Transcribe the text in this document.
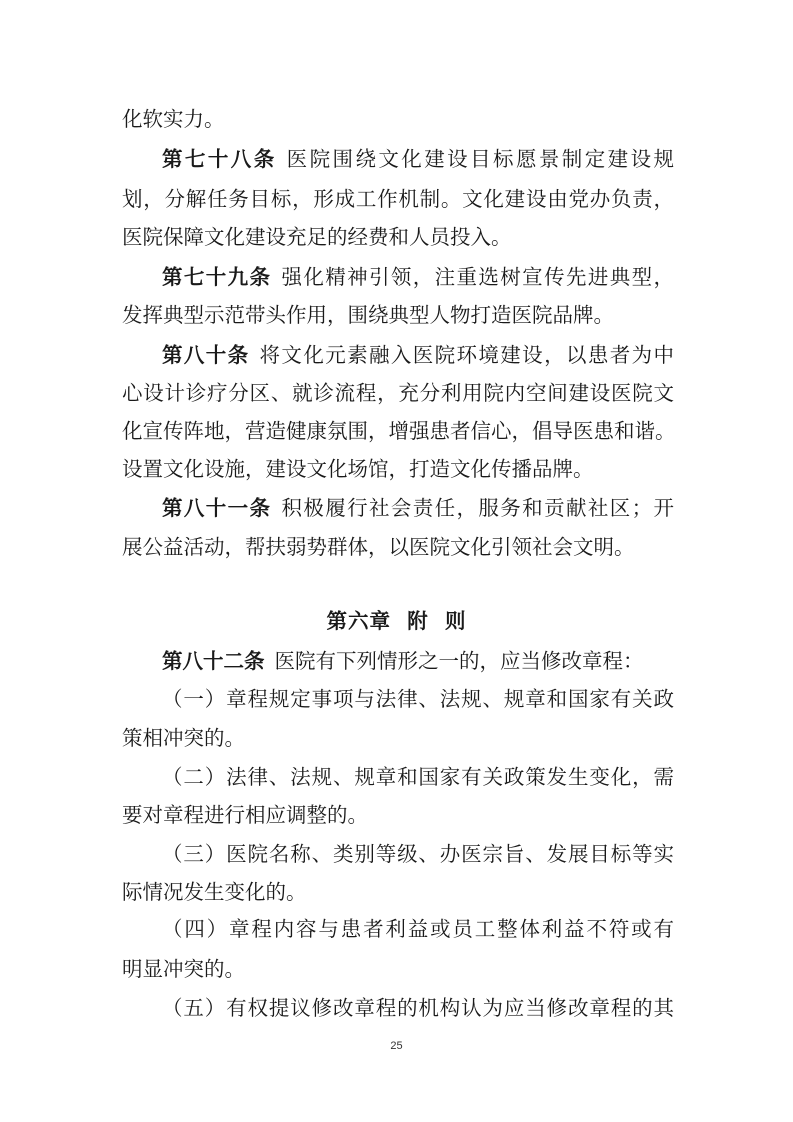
化软实力。
第七十八条 医院围绕文化建设目标愿景制定建设规
划，分解任务目标，形成工作机制。文化建设由党办负责，
医院保障文化建设充足的经费和人员投入。
第七十九条 强化精神引领，注重选树宣传先进典型，
发挥典型示范带头作用，围绕典型人物打造医院品牌。
第八十条 将文化元素融入医院环境建设，以患者为中
心设计诊疗分区、就诊流程，充分利用院内空间建设医院文
化宣传阵地，营造健康氛围，增强患者信心，倡导医患和谐。
设置文化设施，建设文化场馆，打造文化传播品牌。
第八十一条 积极履行社会责任，服务和贡献社区；开
展公益活动，帮扶弱势群体，以医院文化引领社会文明。
第六章  附  则
第八十二条 医院有下列情形之一的，应当修改章程：
（一）章程规定事项与法律、法规、规章和国家有关政
策相冲突的。
（二）法律、法规、规章和国家有关政策发生变化，需
要对章程进行相应调整的。
（三）医院名称、类别等级、办医宗旨、发展目标等实
际情况发生变化的。
（四）章程内容与患者利益或员工整体利益不符或有
明显冲突的。
（五）有权提议修改章程的机构认为应当修改章程的其
25
